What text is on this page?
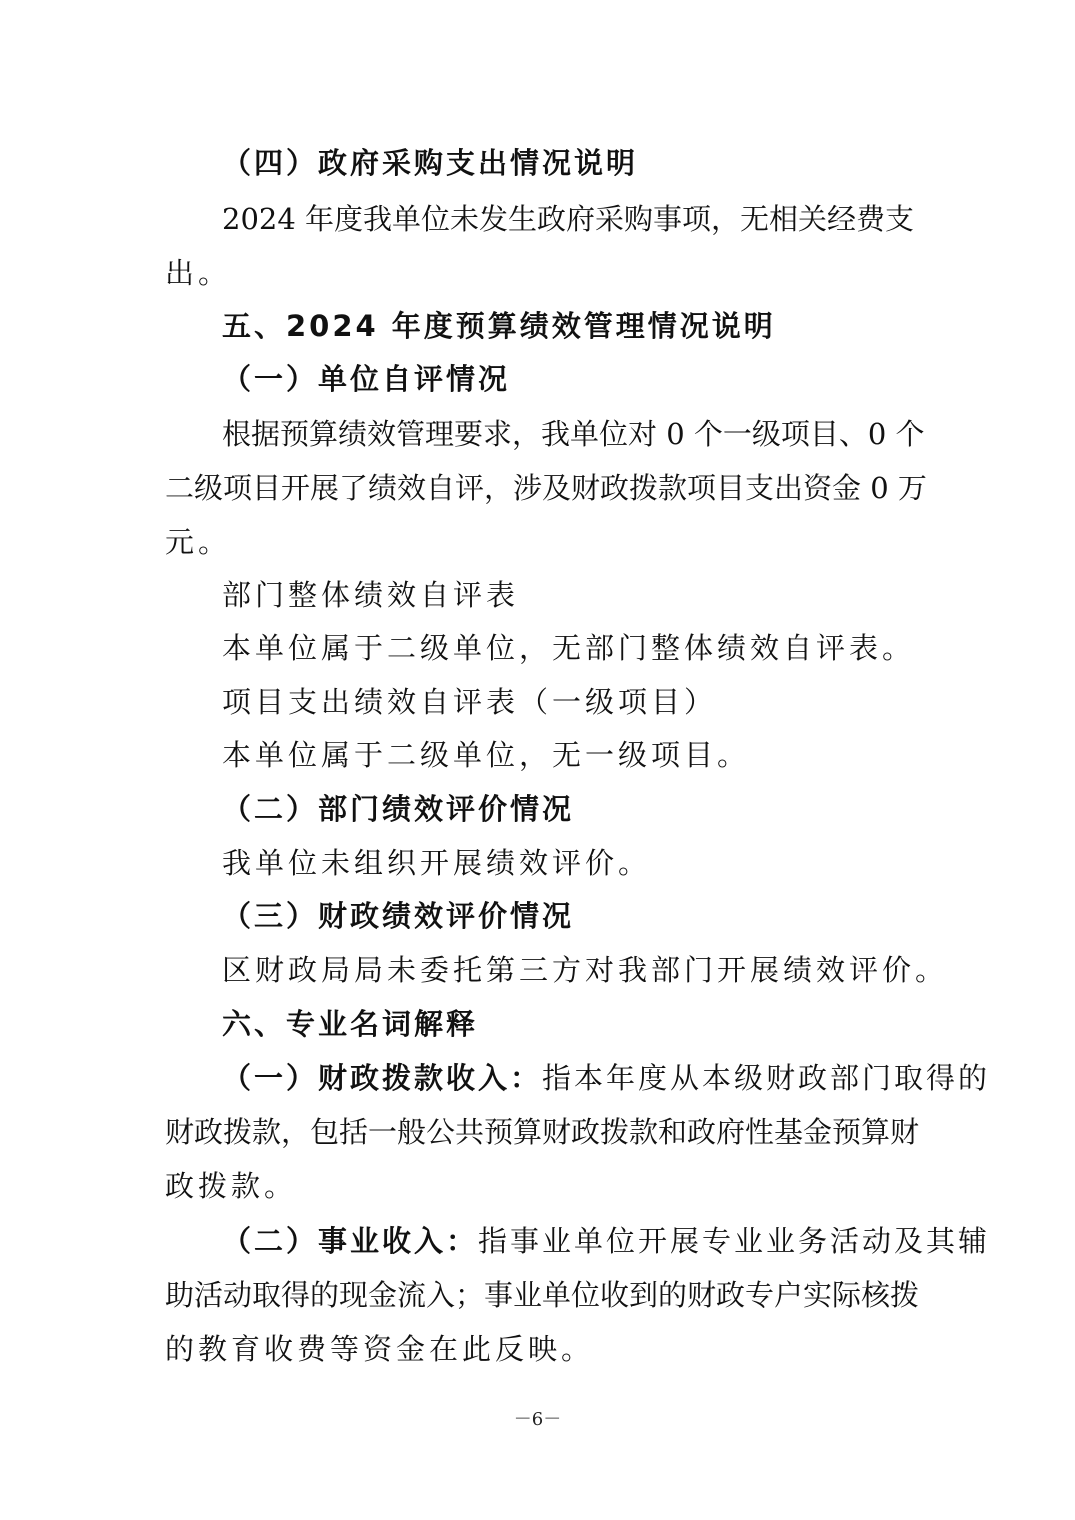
（四）政府采购支出情况说明
2024 年度我单位未发生政府采购事项，无相关经费支
出。
五、2024 年度预算绩效管理情况说明
（一）单位自评情况
根据预算绩效管理要求，我单位对 0 个一级项目、0 个
二级项目开展了绩效自评，涉及财政拨款项目支出资金 0 万
元。
部门整体绩效自评表
本单位属于二级单位，无部门整体绩效自评表。
项目支出绩效自评表（一级项目）
本单位属于二级单位，无一级项目。
（二）部门绩效评价情况
我单位未组织开展绩效评价。
（三）财政绩效评价情况
区财政局局未委托第三方对我部门开展绩效评价。
六、专业名词解释
（一）财政拨款收入：指本年度从本级财政部门取得的
财政拨款，包括一般公共预算财政拨款和政府性基金预算财
政拨款。
（二）事业收入：指事业单位开展专业业务活动及其辅
助活动取得的现金流入；事业单位收到的财政专户实际核拨
的教育收费等资金在此反映。
－6－
